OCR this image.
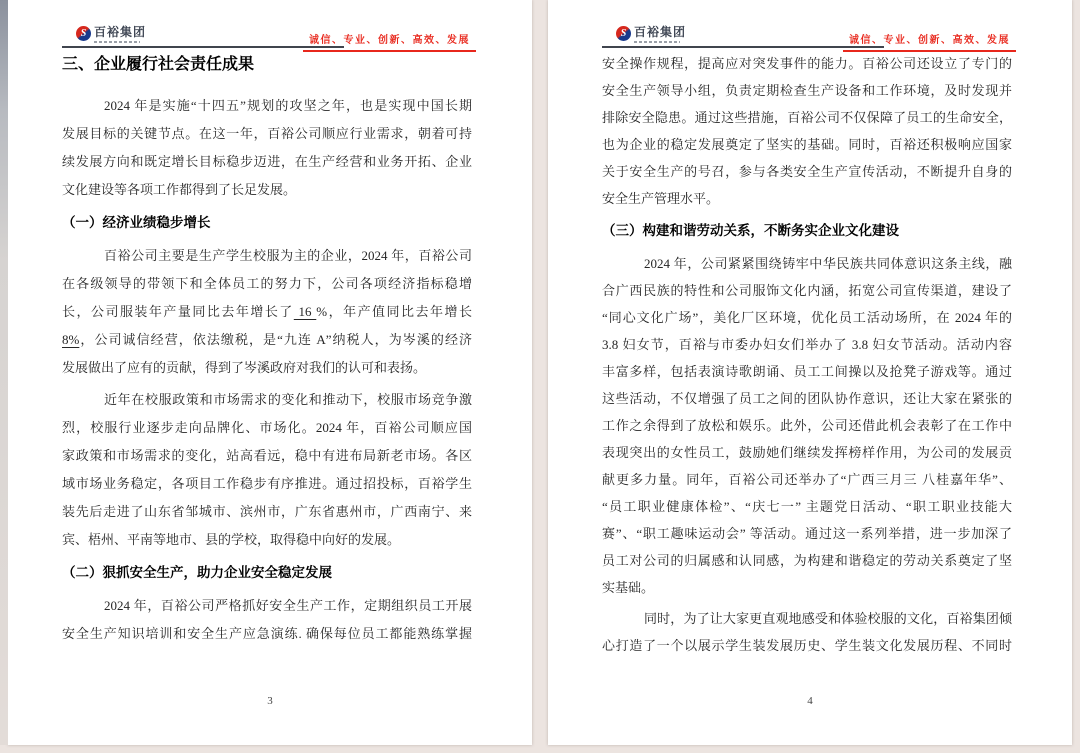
S 百裕集团
诚信、专业、创新、高效、发展
三、企业履行社会责任成果
2024 年是实施“十四五”规划的攻坚之年，也是实现中国长期
发展目标的关键节点。在这一年，百裕公司顺应行业需求，朝着可持
续发展方向和既定增长目标稳步迈进，在生产经营和业务开拓、企业
文化建设等各项工作都得到了长足发展。
（一）经济业绩稳步增长
百裕公司主要是生产学生校服为主的企业，2024 年，百裕公司
在各级领导的带领下和全体员工的努力下，公司各项经济指标稳增
长，公司服装年产量同比去年增长了 16 %，年产值同比去年增长
8%，公司诚信经营，依法缴税，是“九连 A”纳税人，为岑溪的经济
发展做出了应有的贡献，得到了岑溪政府对我们的认可和表扬。
近年在校服政策和市场需求的变化和推动下，校服市场竞争激
烈，校服行业逐步走向品牌化、市场化。2024 年，百裕公司顺应国
家政策和市场需求的变化，站高看远，稳中有进布局新老市场。各区
域市场业务稳定，各项目工作稳步有序推进。通过招投标，百裕学生
装先后走进了山东省邹城市、滨州市，广东省惠州市，广西南宁、来
宾、梧州、平南等地市、县的学校，取得稳中向好的发展。
（二）狠抓安全生产，助力企业安全稳定发展
2024 年，百裕公司严格抓好安全生产工作，定期组织员工开展
安全生产知识培训和安全生产应急演练. 确保每位员工都能熟练掌握
3
S 百裕集团
诚信、专业、创新、高效、发展
安全操作规程，提高应对突发事件的能力。百裕公司还设立了专门的
安全生产领导小组，负责定期检查生产设备和工作环境，及时发现并
排除安全隐患。通过这些措施，百裕公司不仅保障了员工的生命安全，
也为企业的稳定发展奠定了坚实的基础。同时，百裕还积极响应国家
关于安全生产的号召，参与各类安全生产宣传活动，不断提升自身的
安全生产管理水平。
（三）构建和谐劳动关系，不断务实企业文化建设
2024 年，公司紧紧围绕铸牢中华民族共同体意识这条主线，融
合广西民族的特性和公司服饰文化内涵，拓宽公司宣传渠道，建设了
“同心文化广场”，美化厂区环境，优化员工活动场所，在 2024 年的
3.8 妇女节，百裕与市委办妇女们举办了 3.8 妇女节活动。活动内容
丰富多样，包括表演诗歌朗诵、员工工间操以及抢凳子游戏等。通过
这些活动，不仅增强了员工之间的团队协作意识，还让大家在紧张的
工作之余得到了放松和娱乐。此外，公司还借此机会表彰了在工作中
表现突出的女性员工，鼓励她们继续发挥榜样作用，为公司的发展贡
献更多力量。同年，百裕公司还举办了“广西三月三 八桂嘉年华”、
“员工职业健康体检”、“庆七一” 主题党日活动、“职工职业技能大
赛”、“职工趣味运动会” 等活动。通过这一系列举措，进一步加深了
员工对公司的归属感和认同感，为构建和谐稳定的劳动关系奠定了坚
实基础。
同时，为了让大家更直观地感受和体验校服的文化，百裕集团倾
心打造了一个以展示学生装发展历史、学生装文化发展历程、不同时
4
